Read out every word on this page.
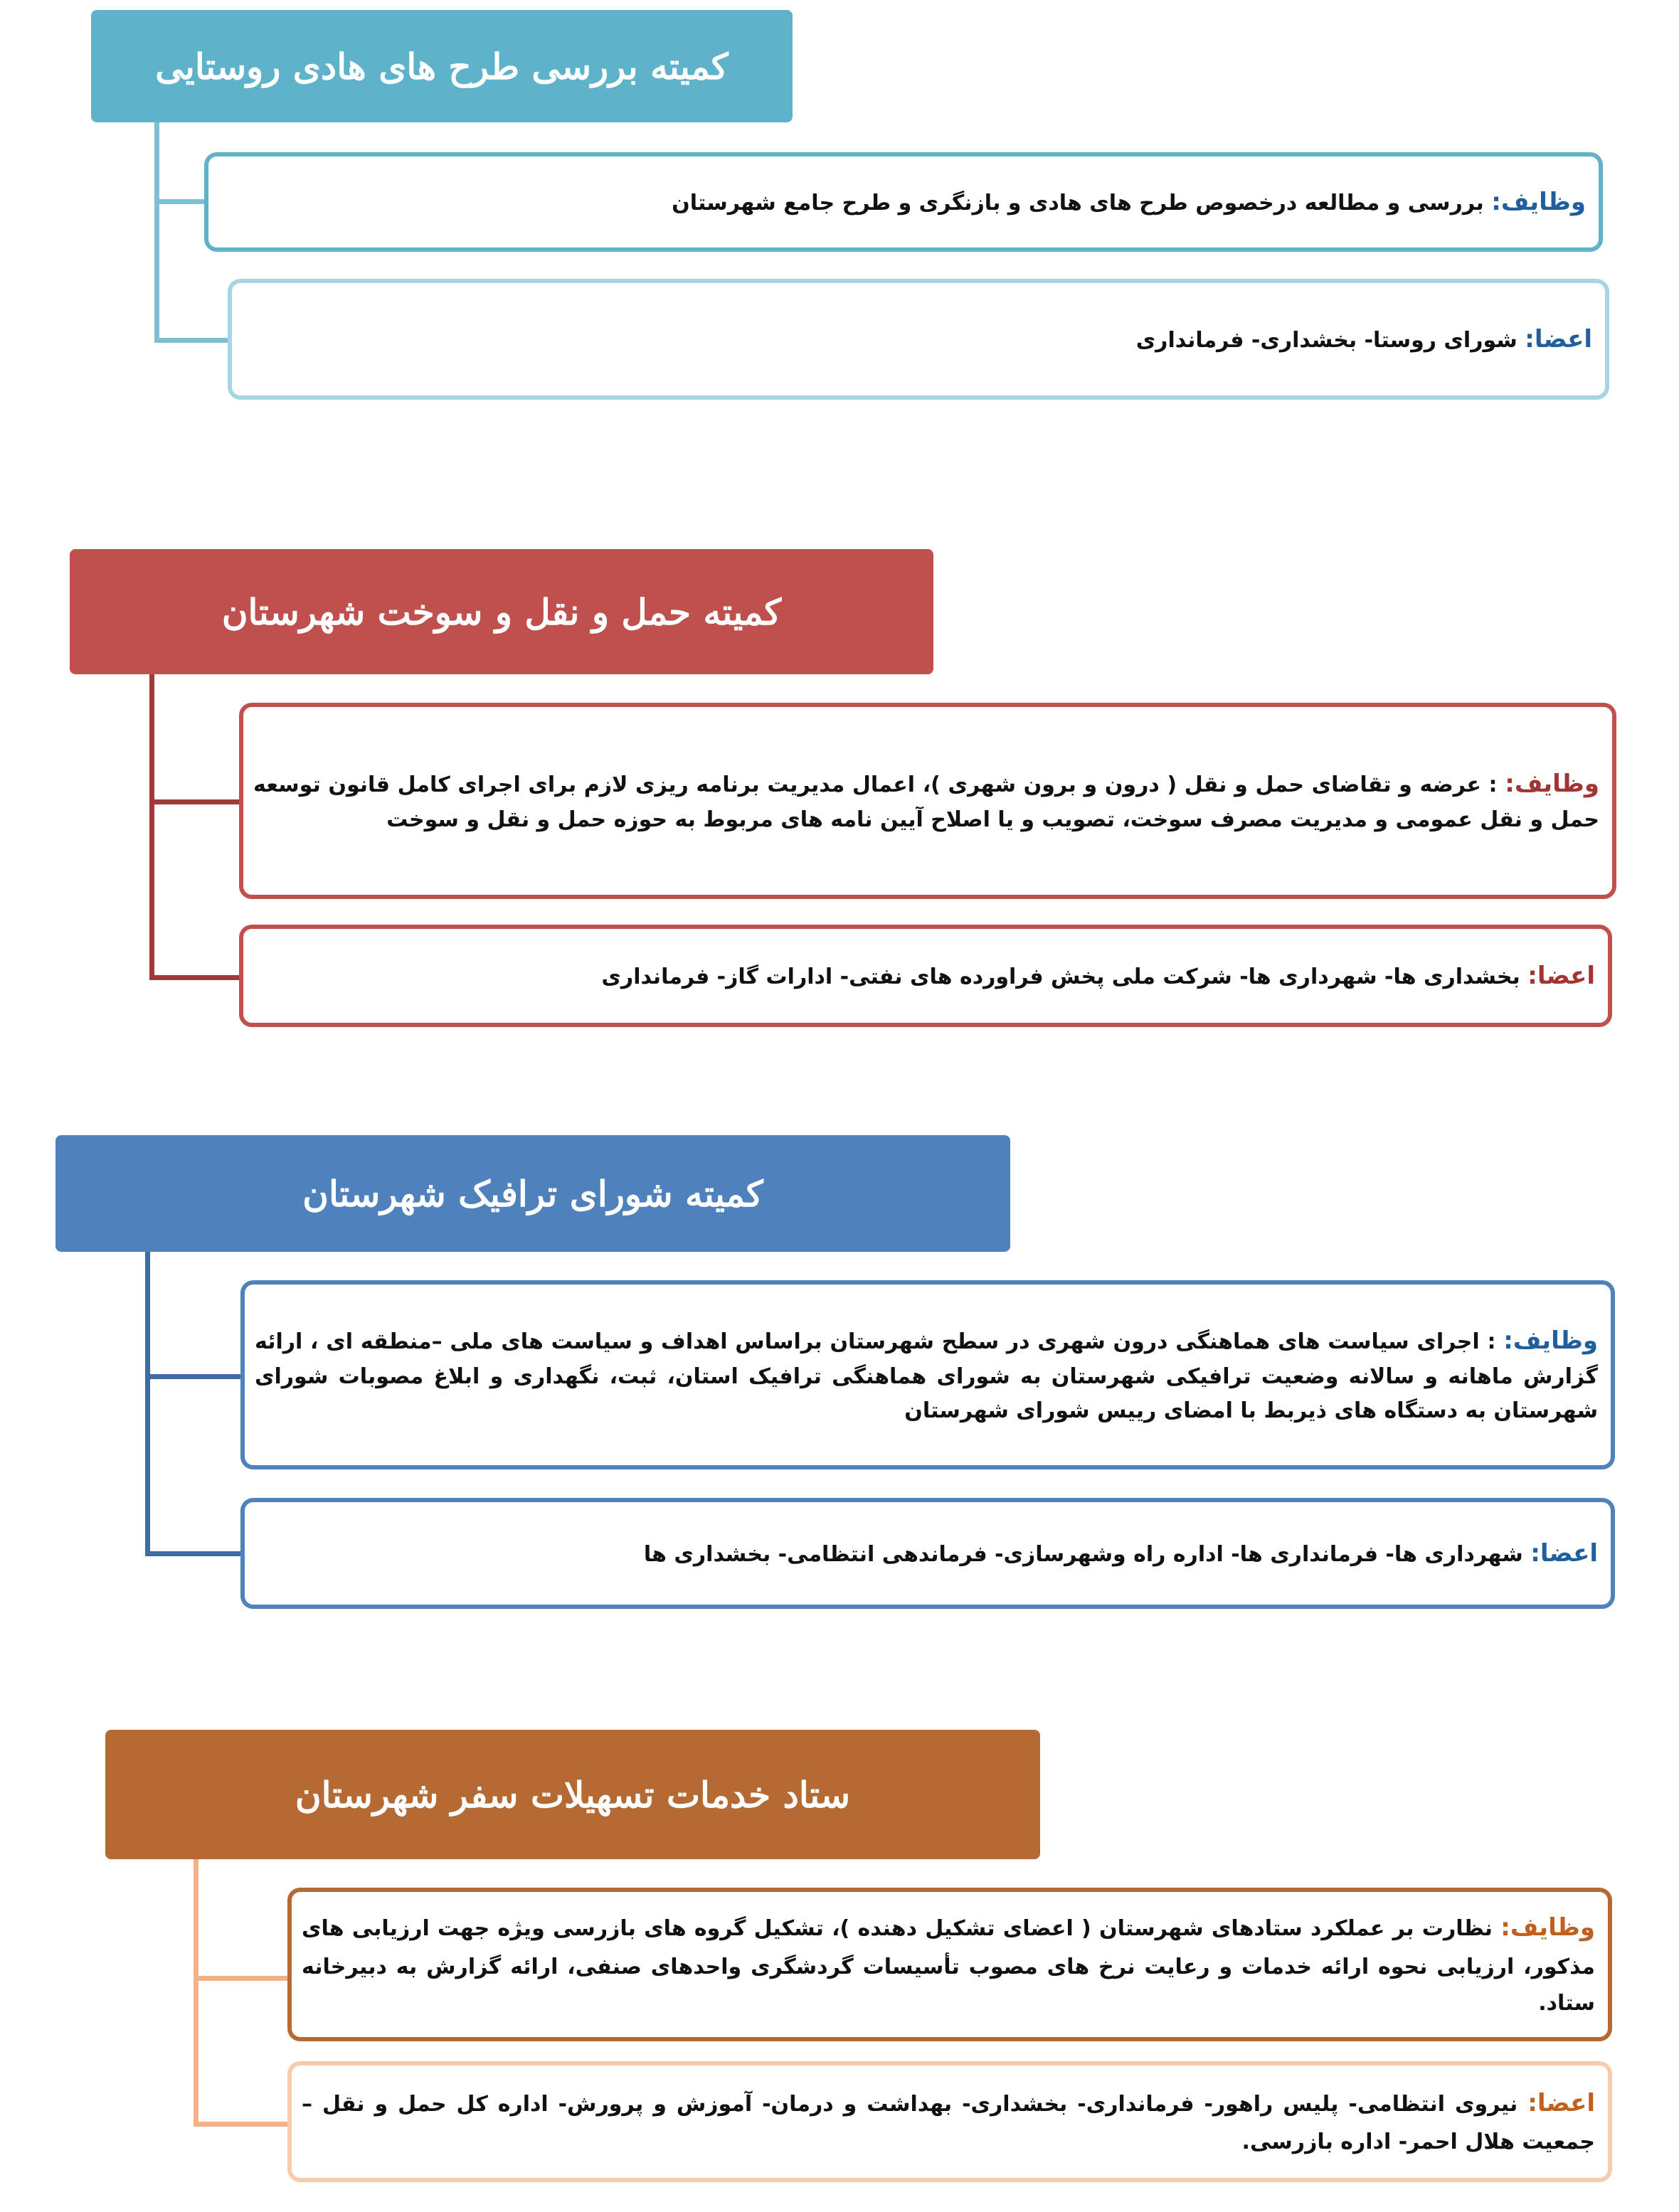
کمیته بررسی طرح های هادی روستایی

وظایف: بررسی و مطالعه درخصوص طرح های هادی و بازنگری و طرح جامع شهرستان

اعضا: شورای روستا- بخشداری- فرمانداری

کمیته حمل و نقل و سوخت شهرستان

وظایف: : عرضه و تقاضای حمل و نقل ( درون و برون شهری )، اعمال مدیریت برنامه ریزی لازم برای اجرای کامل قانون توسعه حمل و نقل عمومی و مدیریت مصرف سوخت، تصویب و یا اصلاح آیین نامه های مربوط به حوزه حمل و نقل و سوخت

اعضا: بخشداری ها- شهرداری ها- شرکت ملی پخش فراورده های نفتی- ادارات گاز- فرمانداری

کمیته شورای ترافیک شهرستان

وظایف: : اجرای سیاست های هماهنگی درون شهری در سطح شهرستان براساس اهداف و سیاست های ملی –منطقه ای ، ارائه گزارش ماهانه و سالانه وضعیت ترافیکی شهرستان به شورای هماهنگی ترافیک استان، ثبت، نگهداری و ابلاغ مصوبات شورای شهرستان به دستگاه های ذیربط با امضای رییس شورای شهرستان

اعضا: شهرداری ها- فرمانداری ها- اداره راه وشهرسازی- فرماندهی انتظامی- بخشداری ها

ستاد خدمات تسهیلات سفر شهرستان

وظایف: نظارت بر عملکرد ستادهای شهرستان ( اعضای تشکیل دهنده )، تشکیل گروه های بازرسی ویژه جهت ارزیابی های مذکور، ارزیابی نحوه ارائه خدمات و رعایت نرخ های مصوب تأسیسات گردشگری واحدهای صنفی، ارائه گزارش به دبیرخانه ستاد.

اعضا: نیروی انتظامی- پلیس راهور- فرمانداری- بخشداری- بهداشت و درمان- آموزش و پرورش- اداره کل حمل و نقل – جمعیت هلال احمر- اداره بازرسی.
